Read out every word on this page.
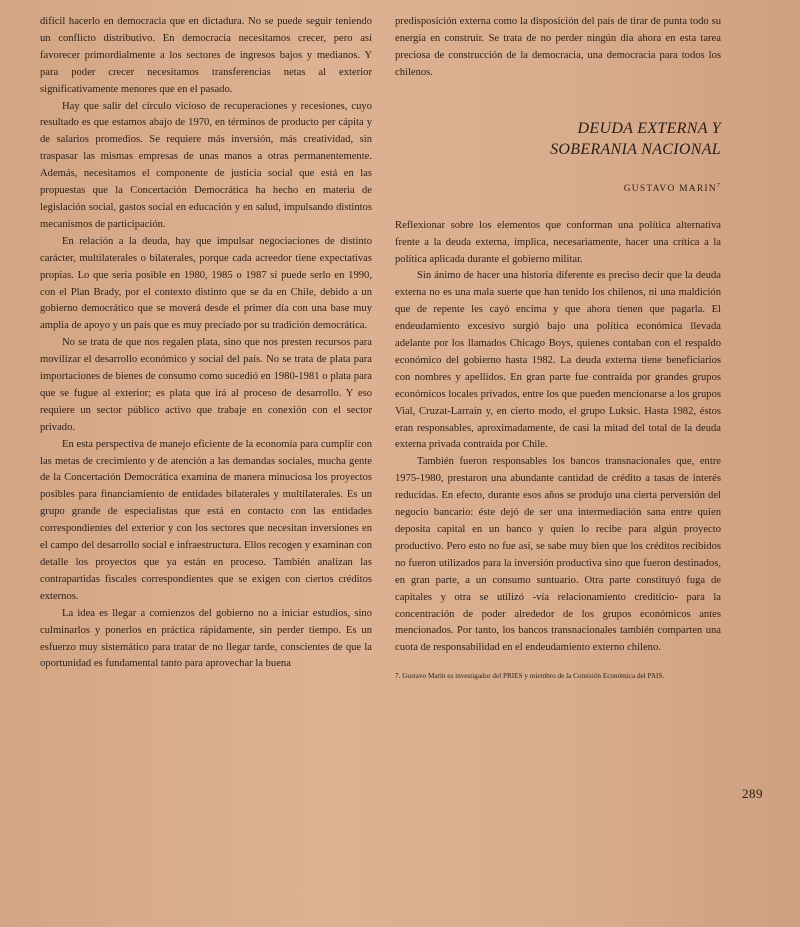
difícil hacerlo en democracia que en dictadura. No se puede seguir teniendo un conflicto distributivo. En democracia necesitamos crecer, pero así favorecer primordialmente a los sectores de ingresos bajos y medianos. Y para poder crecer necesitamos transferencias netas al exterior significativamente menores que en el pasado.

Hay que salir del círculo vicioso de recuperaciones y recesiones, cuyo resultado es que estamos abajo de 1970, en términos de producto per cápita y de salarios promedios. Se requiere más inversión, más creatividad, sin traspasar las mismas empresas de unas manos a otras permanentemente. Además, necesitamos el componente de justicia social que está en las propuestas que la Concertación Democrática ha hecho en materia de legislación social, gastos social en educación y en salud, impulsando distintos mecanismos de participación.

En relación a la deuda, hay que impulsar negociaciones de distinto carácter, multilaterales o bilaterales, porque cada acreedor tiene expectativas propias. Lo que sería posible en 1980, 1985 o 1987 sí puede serlo en 1990, con el Plan Brady, por el contexto distinto que se da en Chile, debido a un gobierno democrático que se moverá desde el primer día con una base muy amplia de apoyo y un país que es muy preciado por su tradición democrática.

No se trata de que nos regalen plata, sino que nos presten recursos para movilizar el desarrollo económico y social del país. No se trata de plata para importaciones de bienes de consumo como sucedió en 1980-1981 o plata para que se fugue al exterior; es plata que irá al proceso de desarrollo. Y eso requiere un sector público activo que trabaje en conexión con el sector privado.

En esta perspectiva de manejo eficiente de la economía para cumplir con las metas de crecimiento y de atención a las demandas sociales, mucha gente de la Concertación Democrática examina de manera minuciosa los proyectos posibles para financiamiento de entidades bilaterales y multilaterales. Es un grupo grande de especialistas que está en contacto con las entidades correspondientes del exterior y con los sectores que necesitan inversiones en el campo del desarrollo social e infraestructura. Ellos recogen y examinan con detalle los proyectos que ya están en proceso. También analizan las contrapartidas fiscales correspondientes que se exigen con ciertos créditos externos.

La idea es llegar a comienzos del gobierno no a iniciar estudios, sino culminarlos y ponerlos en práctica rápidamente, sin perder tiempo. Es un esfuerzo muy sistemático para tratar de no llegar tarde, conscientes de que la oportunidad es fundamental tanto para aprovechar la buena

predisposición externa como la disposición del país de tirar de punta todo su energía en construir. Se trata de no perder ningún día ahora en esta tarea preciosa de construcción de la democracia, una democracia para todos los chilenos.

DEUDA EXTERNA Y
SOBERANIA NACIONAL
GUSTAVO MARIN$^7$

Reflexionar sobre los elementos que conforman una política alternativa frente a la deuda externa, implica, necesariamente, hacer una crítica a la política aplicada durante el gobierno militar.

Sin ánimo de hacer una historia diferente es preciso decir que la deuda externa no es una mala suerte que han tenido los chilenos, ni una maldición que de repente les cayó encima y que ahora tienen que pagarla. El endeudamiento excesivo surgió bajo una política económica llevada adelante por los llamados Chicago Boys, quienes contaban con el respaldo económico del gobierno hasta 1982. La deuda externa tiene beneficiarios con nombres y apellidos. En gran parte fue contraída por grandes grupos económicos locales privados, entre los que pueden mencionarse a los grupos Vial, Cruzat-Larraín y, en cierto modo, el grupo Luksic. Hasta 1982, éstos eran responsables, aproximadamente, de casi la mitad del total de la deuda externa privada contraída por Chile.

También fueron responsables los bancos transnacionales que, entre 1975-1980, prestaron una abundante cantidad de crédito a tasas de interés reducidas. En efecto, durante esos años se produjo una cierta perversión del negocio bancario: éste dejó de ser una intermediación sana entre quien deposita capital en un banco y quien lo recibe para algún proyecto productivo. Pero esto no fue así, se sabe muy bien que los créditos recibidos no fueron utilizados para la inversión productiva sino que fueron destinados, en gran parte, a un consumo suntuario. Otra parte constituyó fuga de capitales y otra se utilizó -vía relacionamiento crediticio- para la concentración de poder alrededor de los grupos económicos antes mencionados. Por tanto, los bancos transnacionales también comparten una cuota de responsabilidad en el endeudamiento externo chileno.

7. Gustavo Marín es investigador del PRIES y miembro de la Comisión Económica del PAIS.
289
